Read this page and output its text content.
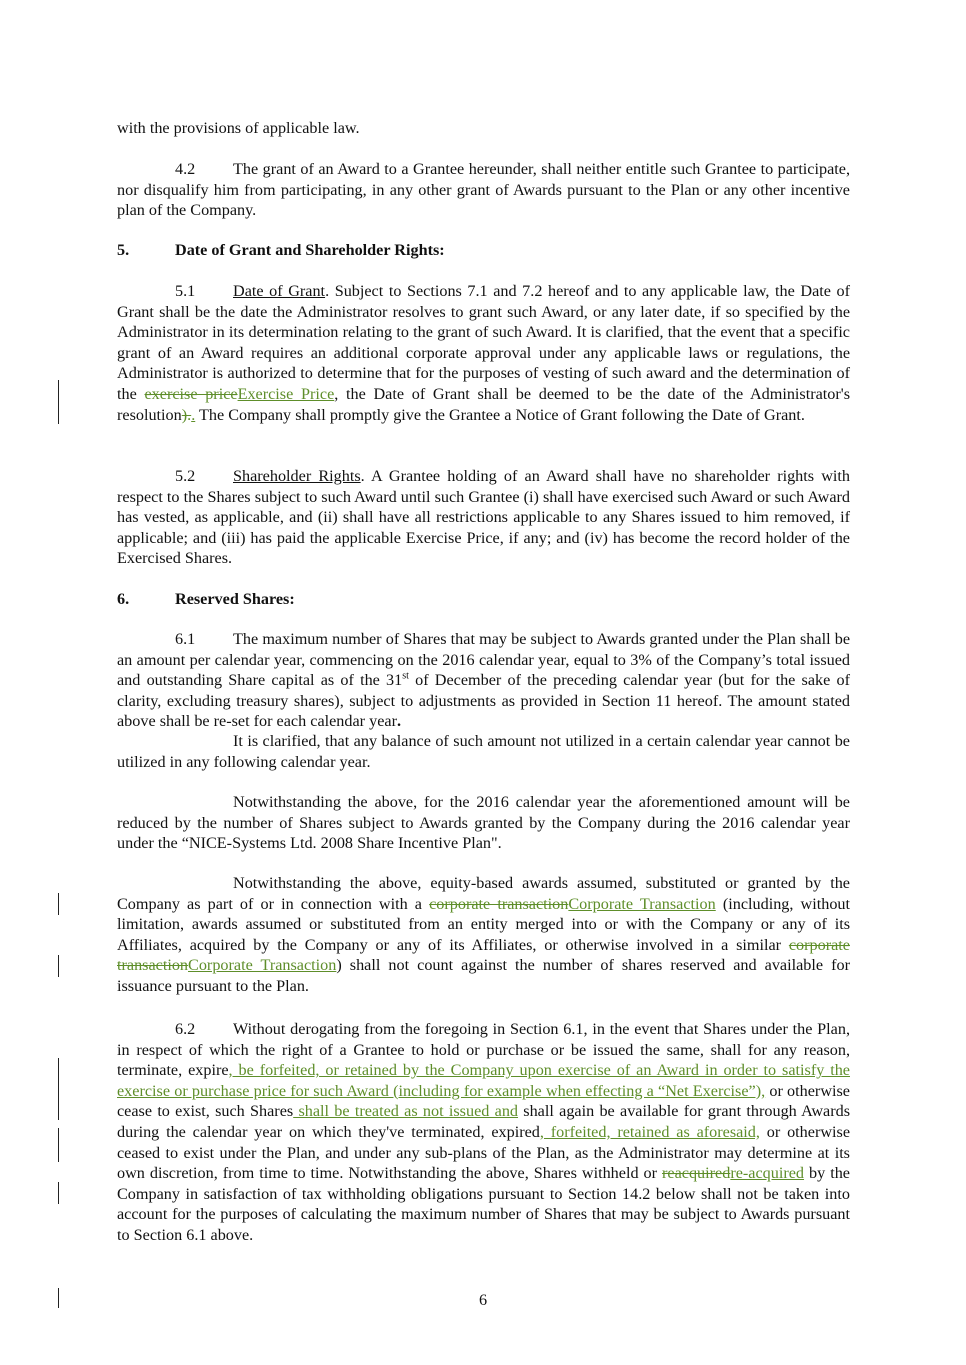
with the provisions of applicable law.

4.2 The grant of an Award to a Grantee hereunder, shall neither entitle such Grantee to participate, nor disqualify him from participating, in any other grant of Awards pursuant to the Plan or any other incentive plan of the Company.

5.	Date of Grant and Shareholder Rights:

5.1 Date of Grant. Subject to Sections 7.1 and 7.2 hereof and to any applicable law, the Date of Grant shall be the date the Administrator resolves to grant such Award, or any later date, if so specified by the Administrator in its determination relating to the grant of such Award. It is clarified, that the event that a specific grant of an Award requires an additional corporate approval under any applicable laws or regulations, the Administrator is authorized to determine that for the purposes of vesting of such award and the determination of the exercise priceExercise Price, the Date of Grant shall be deemed to be the date of the Administrator's resolution).. The Company shall promptly give the Grantee a Notice of Grant following the Date of Grant.

5.2 Shareholder Rights. A Grantee holding of an Award shall have no shareholder rights with respect to the Shares subject to such Award until such Grantee (i) shall have exercised such Award or such Award has vested, as applicable, and (ii) shall have all restrictions applicable to any Shares issued to him removed, if applicable; and (iii) has paid the applicable Exercise Price, if any; and (iv) has become the record holder of the Exercised Shares.

6.	Reserved Shares:

6.1 The maximum number of Shares that may be subject to Awards granted under the Plan shall be an amount per calendar year, commencing on the 2016 calendar year, equal to 3% of the Company’s total issued and outstanding Share capital as of the 31st of December of the preceding calendar year (but for the sake of clarity, excluding treasury shares), subject to adjustments as provided in Section 11 hereof. The amount stated above shall be re-set for each calendar year.

It is clarified, that any balance of such amount not utilized in a certain calendar year cannot be utilized in any following calendar year.

Notwithstanding the above, for the 2016 calendar year the aforementioned amount will be reduced by the number of Shares subject to Awards granted by the Company during the 2016 calendar year under the “NICE-Systems Ltd. 2008 Share Incentive Plan".

Notwithstanding the above, equity-based awards assumed, substituted or granted by the Company as part of or in connection with a corporate transactionCorporate Transaction (including, without limitation, awards assumed or substituted from an entity merged into or with the Company or any of its Affiliates, acquired by the Company or any of its Affiliates, or otherwise involved in a similar corporate transactionCorporate Transaction) shall not count against the number of shares reserved and available for issuance pursuant to the Plan.

6.2 Without derogating from the foregoing in Section 6.1, in the event that Shares under the Plan, in respect of which the right of a Grantee to hold or purchase or be issued the same, shall for any reason, terminate, expire, be forfeited, or retained by the Company upon exercise of an Award in order to satisfy the exercise or purchase price for such Award (including for example when effecting a “Net Exercise”), or otherwise cease to exist, such Shares shall be treated as not issued and shall again be available for grant through Awards during the calendar year on which they've terminated, expired, forfeited, retained as aforesaid, or otherwise ceased to exist under the Plan, and under any sub-plans of the Plan, as the Administrator may determine at its own discretion, from time to time. Notwithstanding the above, Shares withheld or reacquiredre-acquired by the Company in satisfaction of tax withholding obligations pursuant to Section 14.2 below shall not be taken into account for the purposes of calculating the maximum number of Shares that may be subject to Awards pursuant to Section 6.1 above.

6
